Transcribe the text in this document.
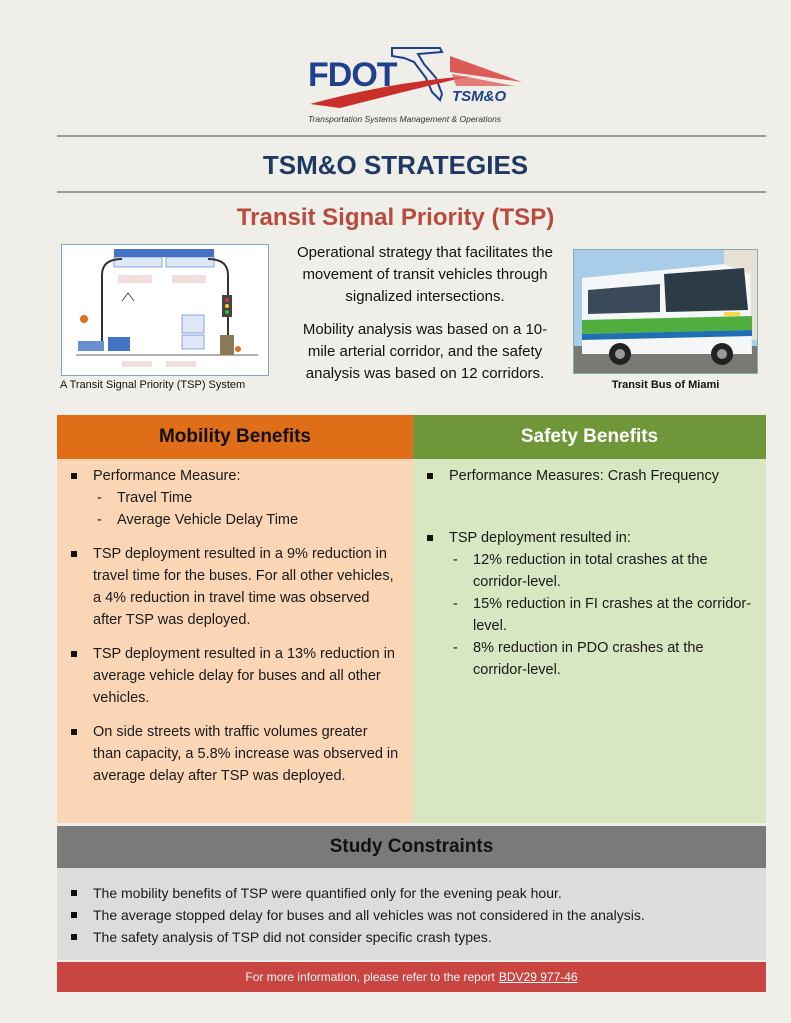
FDOT
TSM&O
Transportation Systems Management & Operations
TSM&O STRATEGIES
Transit Signal Priority (TSP)
A Transit Signal Priority (TSP) System

Operational strategy that facilitates the movement of transit vehicles through signalized intersections.

Mobility analysis was based on a 10-mile arterial corridor, and the safety analysis was based on 12 corridors.

Transit Bus of Miami
Mobility Benefits	Safety Benefits
Performance Measure:
- Travel Time
- Average Vehicle Delay Time
TSP deployment resulted in a 9% reduction in travel time for the buses. For all other vehicles, a 4% reduction in travel time was observed after TSP was deployed.
TSP deployment resulted in a 13% reduction in average vehicle delay for buses and all other vehicles.
On side streets with traffic volumes greater than capacity, a 5.8% increase was observed in average delay after TSP was deployed.
Performance Measures: Crash Frequency
TSP deployment resulted in:
- 12% reduction in total crashes at the corridor-level.
- 15% reduction in FI crashes at the corridor-level.
- 8% reduction in PDO crashes at the corridor-level.
Study Constraints
The mobility benefits of TSP were quantified only for the evening peak hour.
The average stopped delay for buses and all vehicles was not considered in the analysis.
The safety analysis of TSP did not consider specific crash types.
For more information, please refer to the report BDV29 977-46
